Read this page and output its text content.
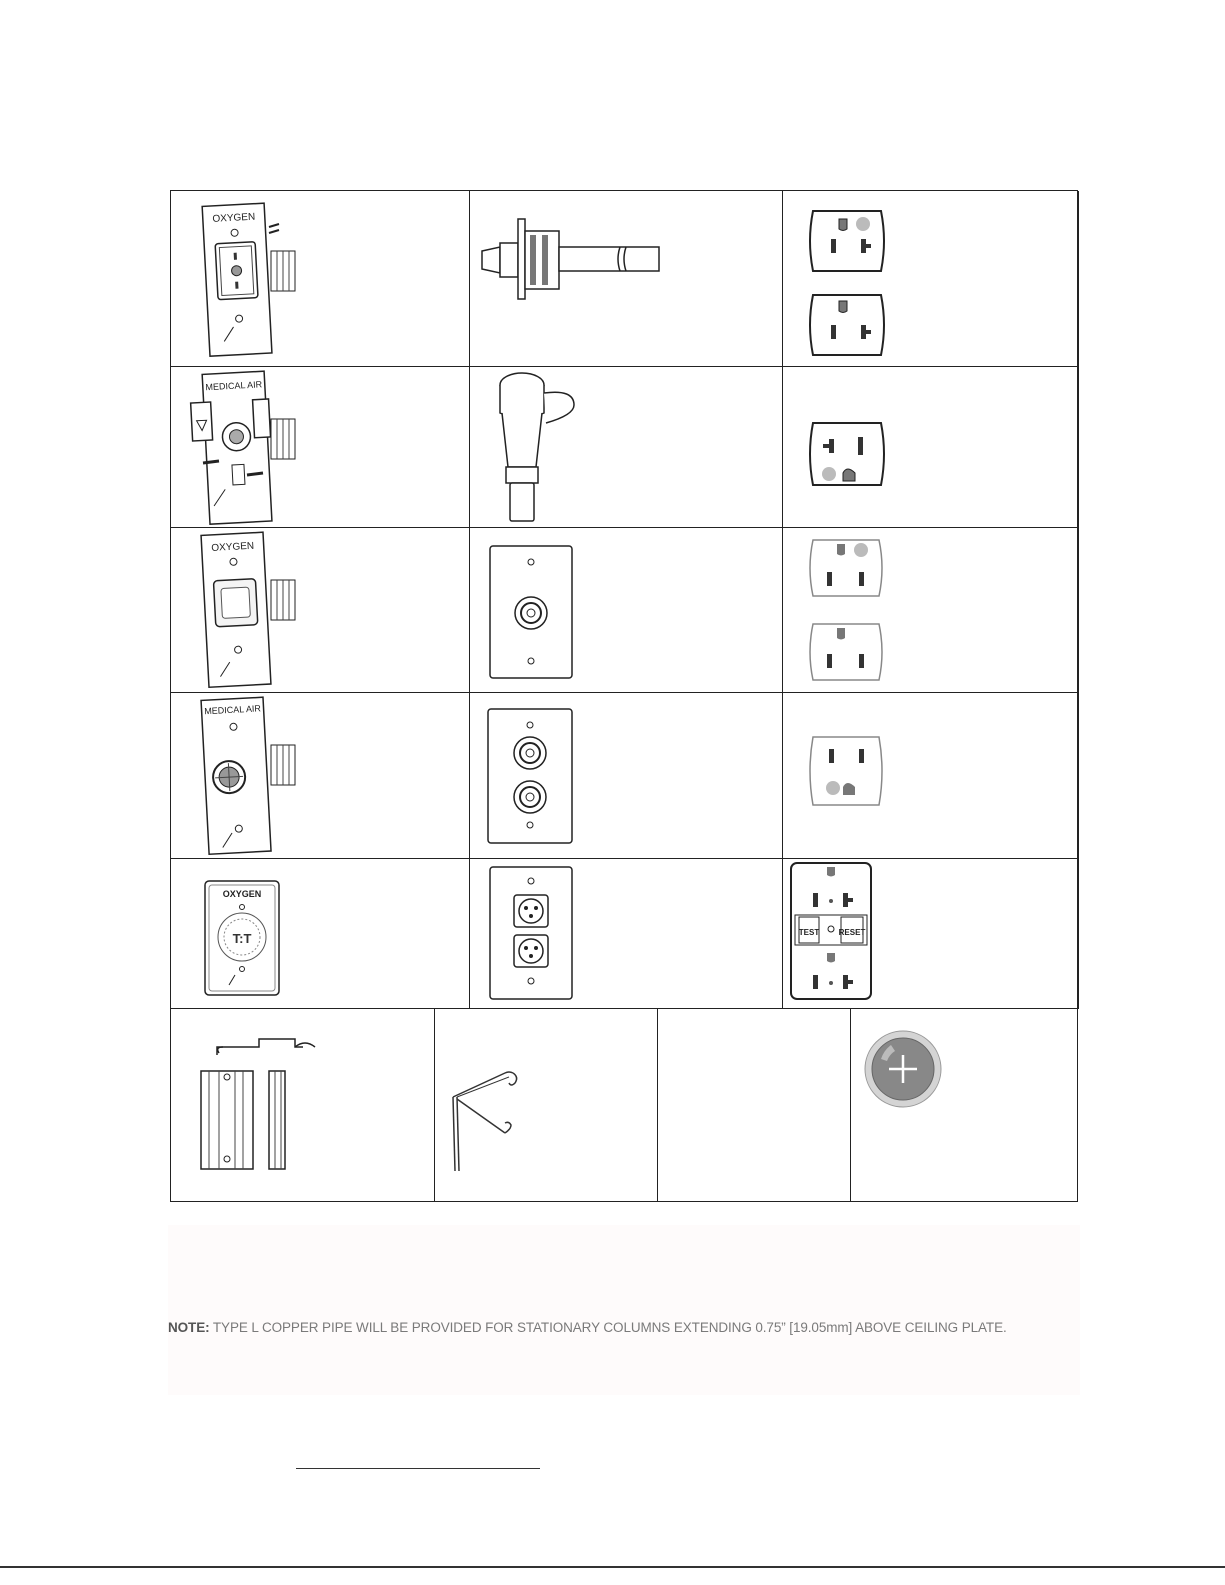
OXYGEN
MEDICAL AIR
OXYGEN
MEDICAL AIR
OXYGEN
T:T	TEST RESET
NOTE: TYPE L COPPER PIPE WILL BE PROVIDED FOR STATIONARY COLUMNS EXTENDING 0.75” [19.05mm] ABOVE CEILING PLATE.
